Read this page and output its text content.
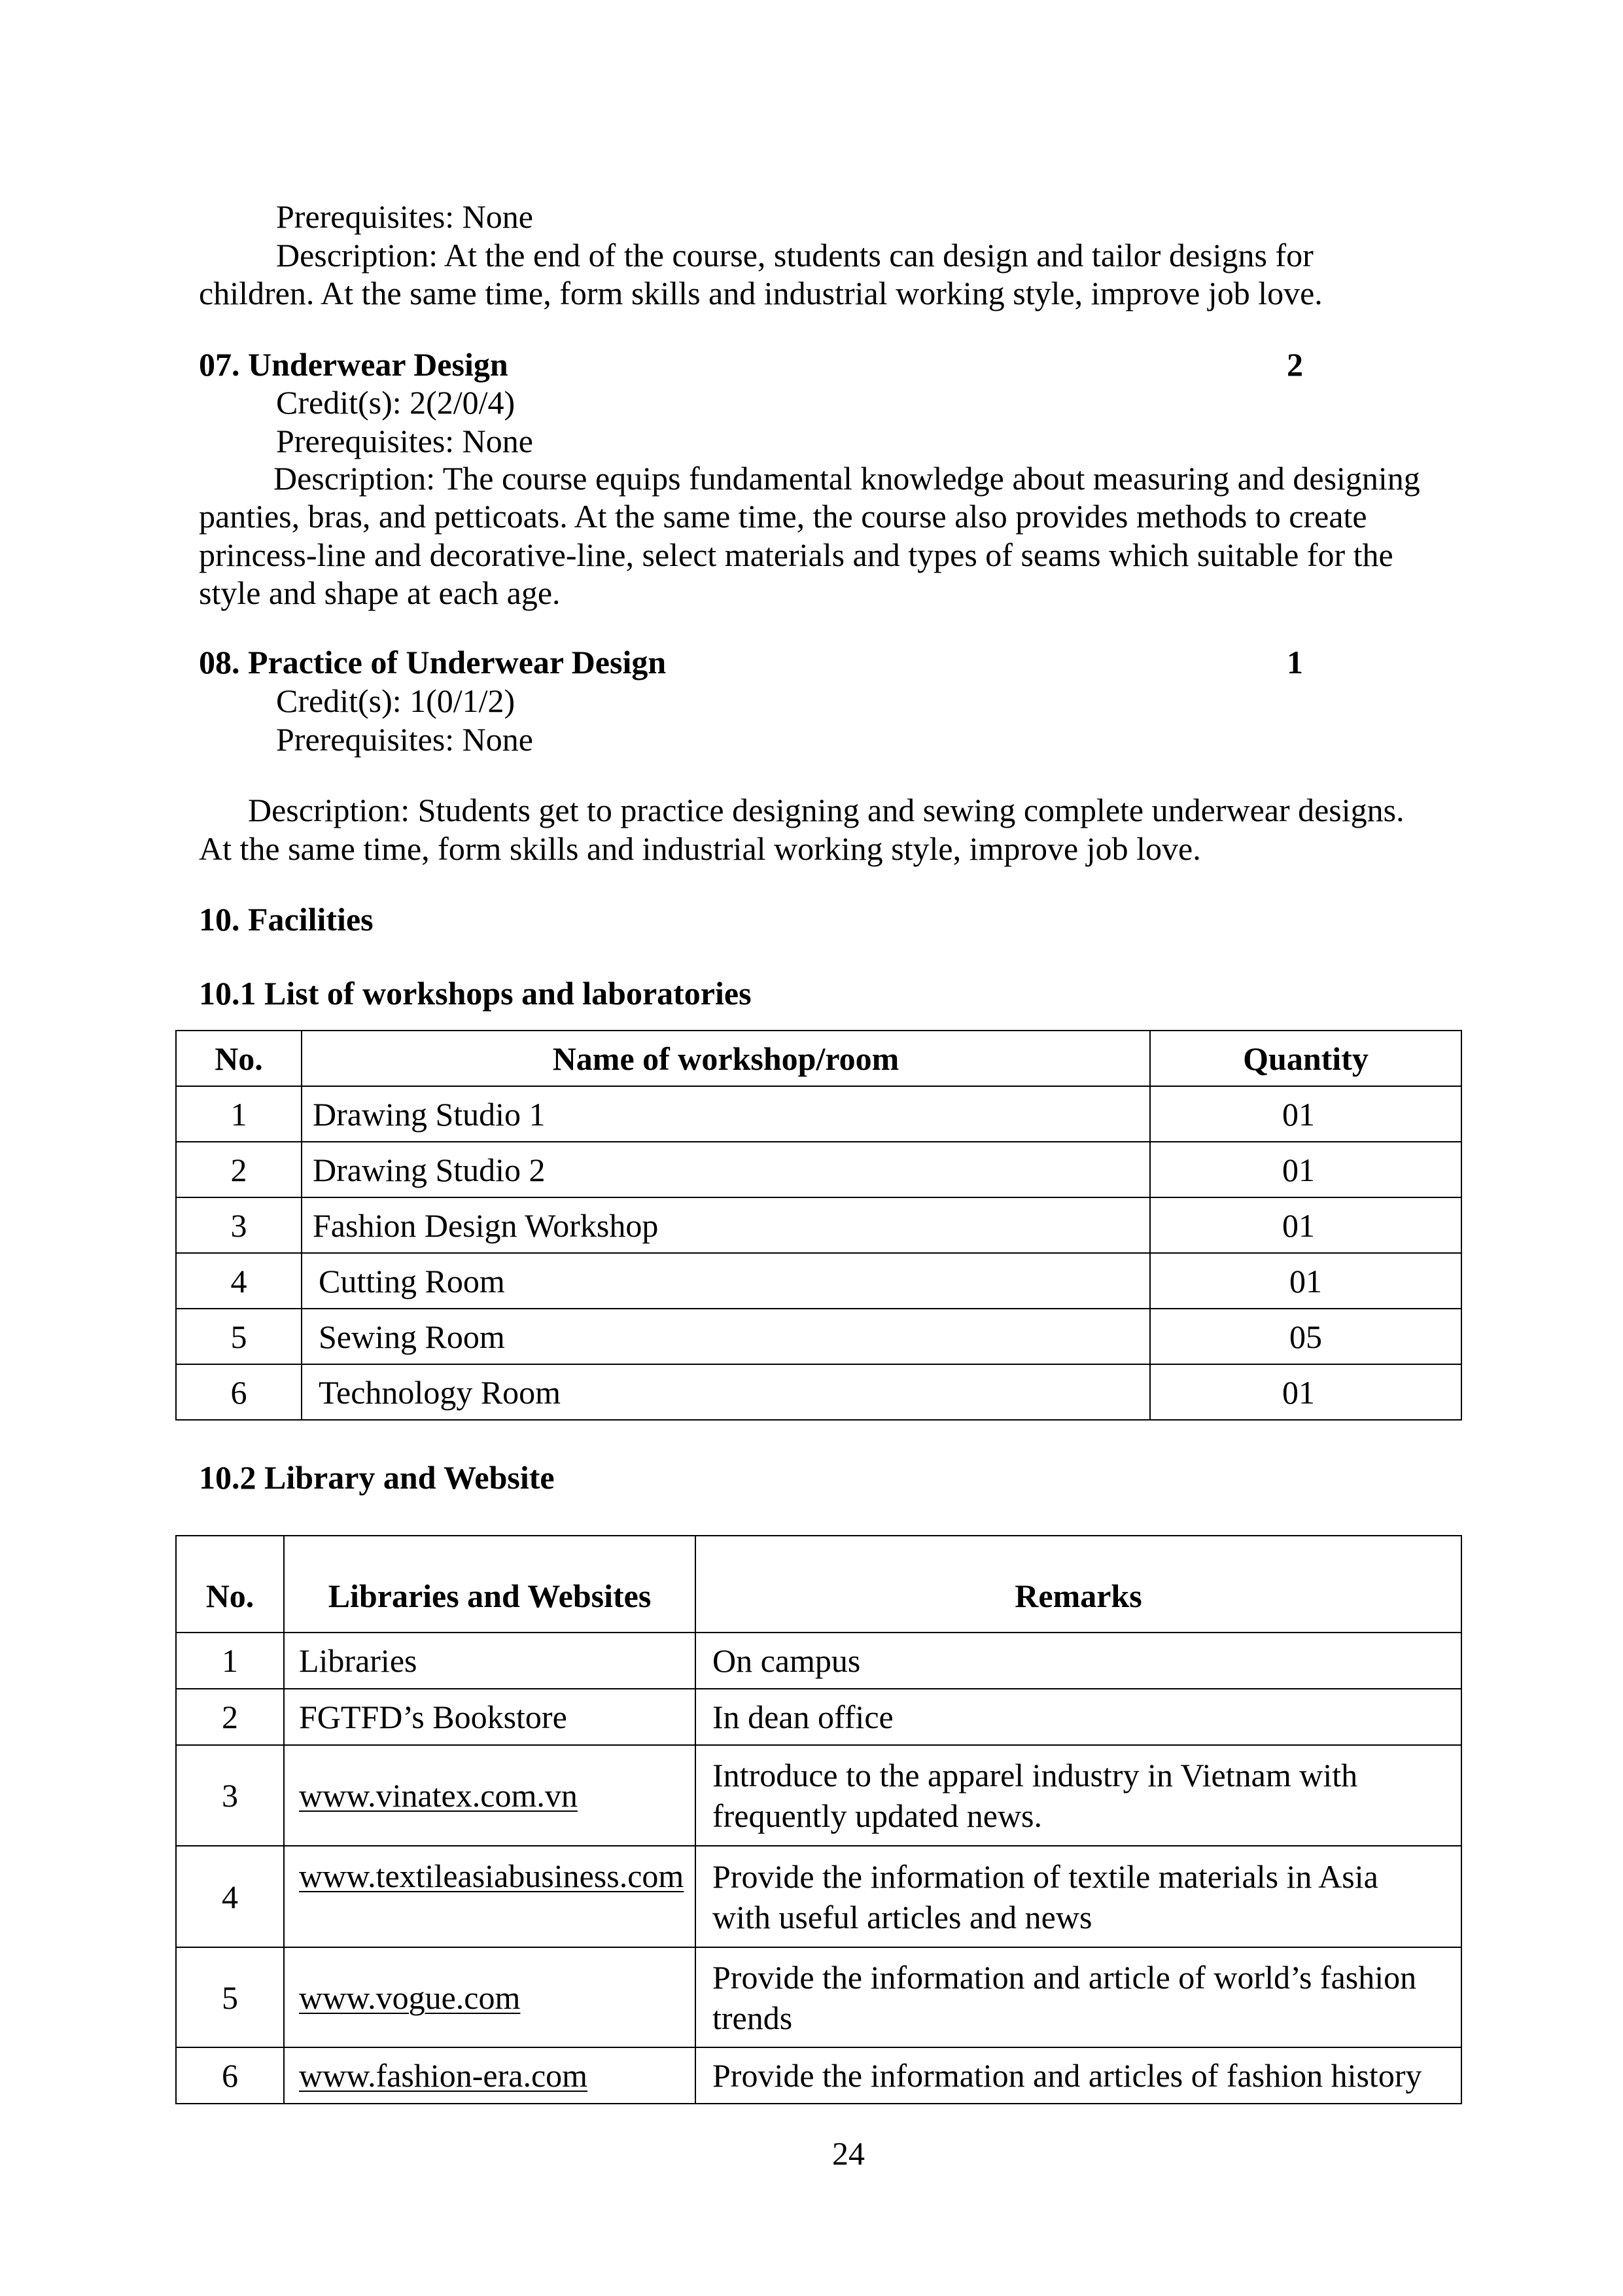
Prerequisites: None
Description: At the end of the course, students can design and tailor designs for
children. At the same time, form skills and industrial working style, improve job love.
07. Underwear Design	2
Credit(s): 2(2/0/4)
Prerequisites: None
Description: The course equips fundamental knowledge about measuring and designing
panties, bras, and petticoats. At the same time, the course also provides methods to create
princess-line and decorative-line, select materials and types of seams which suitable for the
style and shape at each age.
08. Practice of Underwear Design	1
Credit(s): 1(0/1/2)
Prerequisites: None
Description: Students get to practice designing and sewing complete underwear designs.
At the same time, form skills and industrial working style, improve job love.
10. Facilities
10.1 List of workshops and laboratories
No.	Name of workshop/room	Quantity
1	Drawing Studio 1	01
2	Drawing Studio 2	01
3	Fashion Design Workshop	01
4	Cutting Room	01
5	Sewing Room	05
6	Technology Room	01
10.2 Library and Website
No.	Libraries and Websites	Remarks
1	Libraries	On campus

2	FGTFD’s Bookstore	In dean office

3	www.vinatex.com.vn	Introduce to the apparel industry in Vietnam with
frequently updated news.

4	www.textileasiabusiness.com	Provide the information of textile materials in Asia
with useful articles and news

5	www.vogue.com	Provide the information and article of world’s fashion
trends

6	www.fashion-era.com	Provide the information and articles of fashion history
24
